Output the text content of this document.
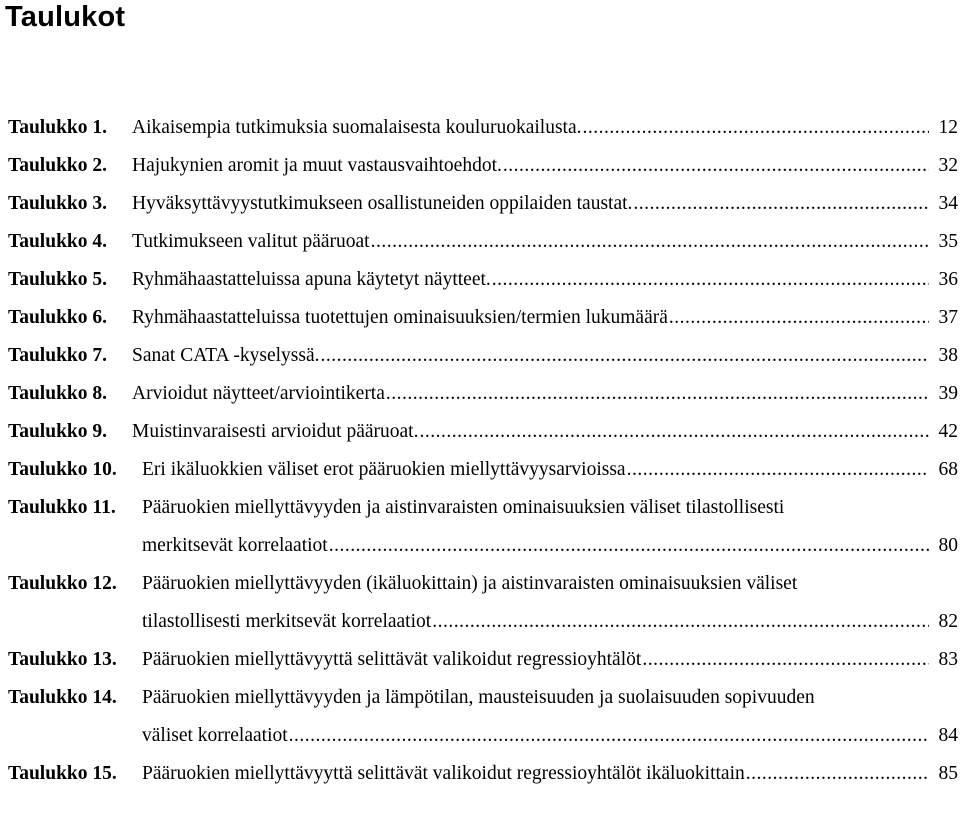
Taulukot
Taulukko 1.	Aikaisempia tutkimuksia suomalaisesta kouluruokailusta. .....	12
Taulukko 2.	Hajukynien aromit ja muut vastausvaihtoehdot. .....	32
Taulukko 3.	Hyväksyttävyystutkimukseen osallistuneiden oppilaiden taustat. .....	34
Taulukko 4.	Tutkimukseen valitut pääruoat .....	35
Taulukko 5.	Ryhmähaastatteluissa apuna käytetyt näytteet. .....	36
Taulukko 6.	Ryhmähaastatteluissa tuotettujen ominaisuuksien/termien lukumäärä .....	37
Taulukko 7.	Sanat CATA -kyselyssä. .....	38
Taulukko 8.	Arvioidut näytteet/arviointikerta .....	39
Taulukko 9.	Muistinvaraisesti arvioidut pääruoat. .....	42
Taulukko 10.	Eri ikäluokkien väliset erot pääruokien miellyttävyysarvioissa .....	68
Taulukko 11.	Pääruokien miellyttävyyden ja aistinvaraisten ominaisuuksien väliset tilastollisesti
merkitsevät korrelaatiot .....	80
Taulukko 12.	Pääruokien miellyttävyyden (ikäluokittain) ja aistinvaraisten ominaisuuksien väliset
tilastollisesti merkitsevät korrelaatiot .....	82
Taulukko 13.	Pääruokien miellyttävyyttä selittävät valikoidut regressioyhtälöt .....	83
Taulukko 14.	Pääruokien miellyttävyyden ja lämpötilan, mausteisuuden ja suolaisuuden sopivuuden
väliset korrelaatiot .....	84
Taulukko 15.	Pääruokien miellyttävyyttä selittävät valikoidut regressioyhtälöt ikäluokittain .....	85
